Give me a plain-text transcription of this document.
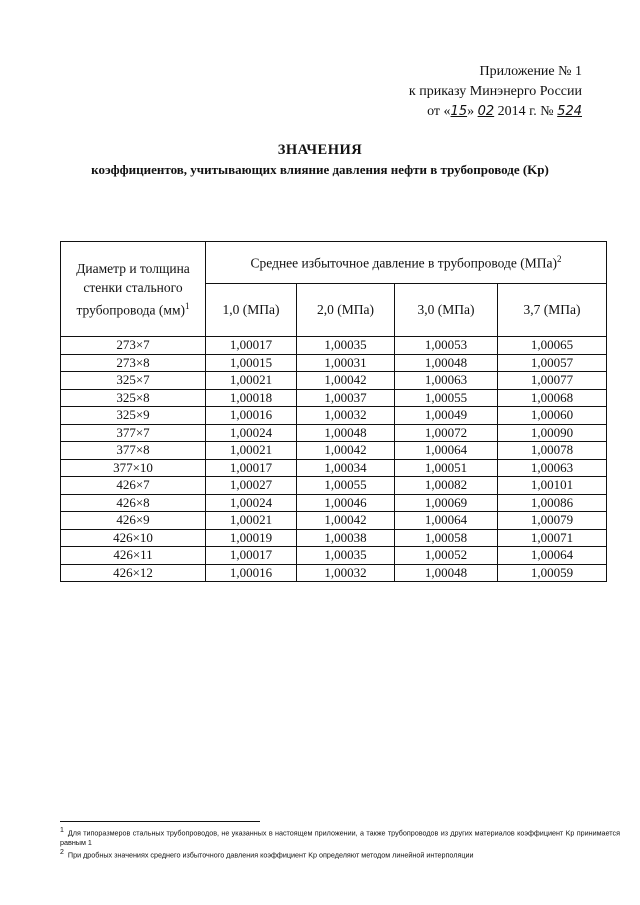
Приложение № 1
к приказу Минэнерго России
от «15» 02 2014 г. № 524
ЗНАЧЕНИЯ
коэффициентов, учитывающих влияние давления нефти в трубопроводе (Kр)
Диаметр и толщина
стенки стального
трубопровода (мм)$^1$	Среднее избыточное давление в трубопроводе (МПа)$^2$
	1,0 (МПа)	2,0 (МПа)	3,0 (МПа)	3,7 (МПа)
273×7	1,00017	1,00035	1,00053	1,00065
273×8	1,00015	1,00031	1,00048	1,00057
325×7	1,00021	1,00042	1,00063	1,00077
325×8	1,00018	1,00037	1,00055	1,00068
325×9	1,00016	1,00032	1,00049	1,00060
377×7	1,00024	1,00048	1,00072	1,00090
377×8	1,00021	1,00042	1,00064	1,00078
377×10	1,00017	1,00034	1,00051	1,00063
426×7	1,00027	1,00055	1,00082	1,00101
426×8	1,00024	1,00046	1,00069	1,00086
426×9	1,00021	1,00042	1,00064	1,00079
426×10	1,00019	1,00038	1,00058	1,00071
426×11	1,00017	1,00035	1,00052	1,00064
426×12	1,00016	1,00032	1,00048	1,00059
1 Для типоразмеров стальных трубопроводов, не указанных в настоящем приложении, а также трубопроводов из других материалов коэффициент Kр принимается равным 1
2 При дробных значениях среднего избыточного давления коэффициент Kр определяют методом линейной интерполяции
